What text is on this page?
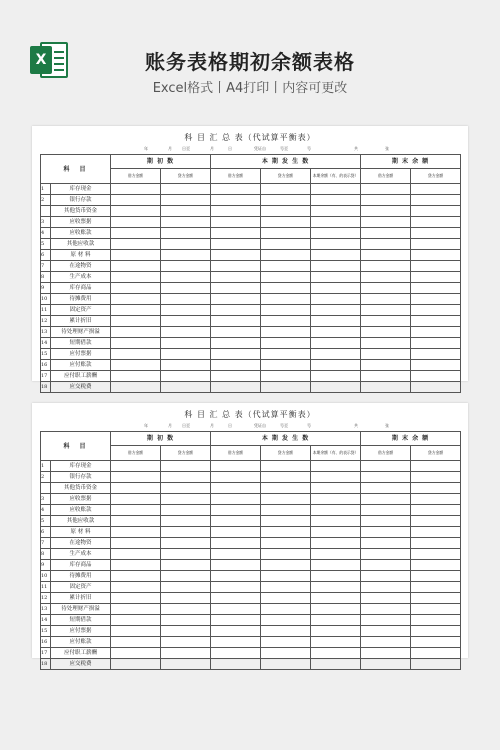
X	账务表格期初余额表格
Excel格式丨A4打印丨内容可更改
科 目 汇 总 表（代试算平衡表）
年	月	日至	月	日	凭证自	号至	号	共	张
科　目		期 初 数		本 期 发 生 数			期 末 余 额	
		借方金额	贷方金额	借方金额	贷方金额	本期余额（有、的表示贷）	借方金额	贷方金额
1	库存现金							
2	银行存款							
	其他货币资金							
3	应收票据							
4	应收账款							
5	其他应收款							
6	原 材 料							
7	在途物资							
8	生产成本							
9	库存商品							
10	待摊费用							
11	固定资产							
12	累计折旧							
13	待处理财产损溢							
14	短期借款							
15	应付票据							
16	应付账款							
17	应付职工薪酬							
18	应交税费							
科 目 汇 总 表（代试算平衡表）
年	月	日至	月	日	凭证自	号至	号	共	张
科　目		期 初 数		本 期 发 生 数			期 末 余 额	
		借方金额	贷方金额	借方金额	贷方金额	本期余额（有、的表示贷）	借方金额	贷方金额
1	库存现金							
2	银行存款							
	其他货币资金							
3	应收票据							
4	应收账款							
5	其他应收款							
6	原 材 料							
7	在途物资							
8	生产成本							
9	库存商品							
10	待摊费用							
11	固定资产							
12	累计折旧							
13	待处理财产损溢							
14	短期借款							
15	应付票据							
16	应付账款							
17	应付职工薪酬							
18	应交税费							
